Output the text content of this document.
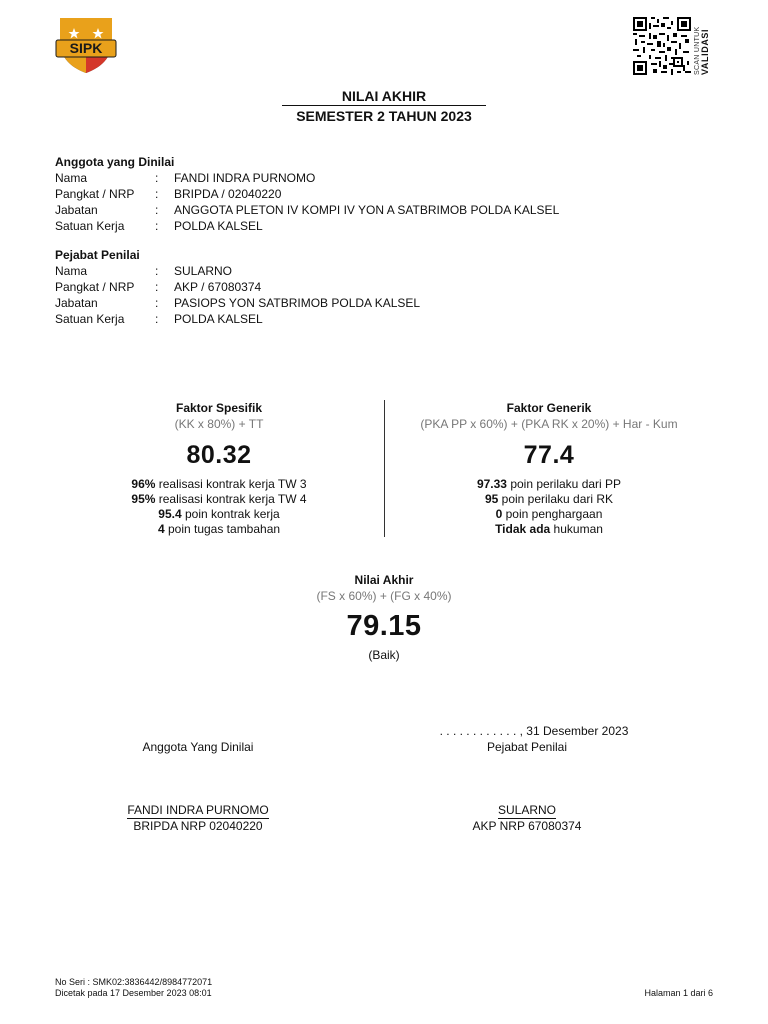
SIPK	SCAN UNTUK VALIDASI
NILAI AKHIR
SEMESTER 2 TAHUN 2023
Anggota yang Dinilai
Nama	: FANDI INDRA PURNOMO
Pangkat / NRP	: BRIPDA / 02040220
Jabatan	: ANGGOTA PLETON IV KOMPI IV YON A SATBRIMOB POLDA KALSEL
Satuan Kerja	: POLDA KALSEL
Pejabat Penilai
Nama	: SULARNO
Pangkat / NRP	: AKP / 67080374
Jabatan	: PASIOPS YON SATBRIMOB POLDA KALSEL
Satuan Kerja	: POLDA KALSEL
Faktor Spesifik
(KK x 80%) + TT
80.32
96% realisasi kontrak kerja TW 3
95% realisasi kontrak kerja TW 4
95.4 poin kontrak kerja
4 poin tugas tambahan
Faktor Generik
(PKA PP x 60%) + (PKA RK x 20%) + Har - Kum
77.4
97.33 poin perilaku dari PP
95 poin perilaku dari RK
0 poin penghargaan
Tidak ada hukuman
Nilai Akhir
(FS x 60%) + (FG x 40%)
79.15
(Baik)
. . . . . . . . . . . . , 31 Desember 2023
Anggota Yang Dinilai	Pejabat Penilai
FANDI INDRA PURNOMO
BRIPDA NRP 02040220
SULARNO
AKP NRP 67080374
No Seri : SMK02:3836442/8984772071
Dicetak pada 17 Desember 2023 08:01	Halaman 1 dari 6
